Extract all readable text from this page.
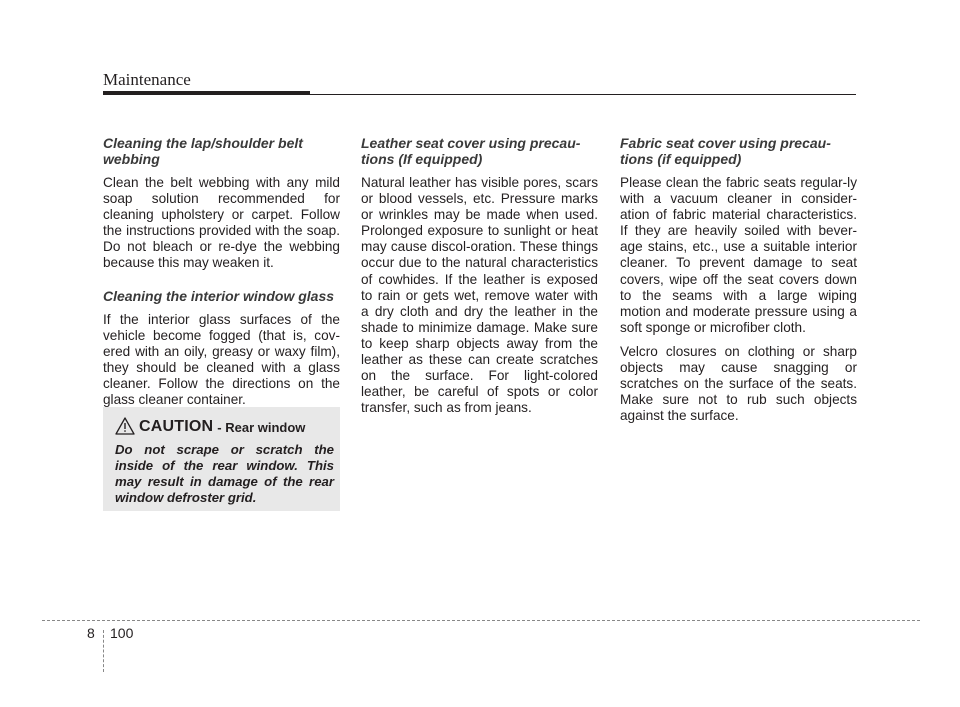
Maintenance

Cleaning the lap/shoulder belt webbing

Clean the belt webbing with any mild soap solution recommended for cleaning upholstery or carpet. Follow the instructions provided with the soap. Do not bleach or re-dye the webbing because this may weaken it.

Cleaning the interior window glass

If the interior glass surfaces of the vehicle become fogged (that is, cov-ered with an oily, greasy or waxy film), they should be cleaned with a glass cleaner. Follow the directions on the glass cleaner container.

CAUTION - Rear window
Do not scrape or scratch the inside of the rear window. This may result in damage of the rear window defroster grid.

Leather seat cover using precau-tions (If equipped)

Natural leather has visible pores, scars or blood vessels, etc. Pressure marks or wrinkles may be made when used. Prolonged exposure to sunlight or heat may cause discol-oration. These things occur due to the natural characteristics of cowhides. If the leather is exposed to rain or gets wet, remove water with a dry cloth and dry the leather in the shade to minimize damage. Make sure to keep sharp objects away from the leather as these can create scratches on the surface. For light-colored leather, be careful of spots or color transfer, such as from jeans.

Fabric seat cover using precau-tions (if equipped)

Please clean the fabric seats regular-ly with a vacuum cleaner in consider-ation of fabric material characteristics. If they are heavily soiled with bever-age stains, etc., use a suitable interior cleaner. To prevent damage to seat covers, wipe off the seat covers down to the seams with a large wiping motion and moderate pressure using a soft sponge or microfiber cloth.

Velcro closures on clothing or sharp objects may cause snagging or scratches on the surface of the seats. Make sure not to rub such objects against the surface.

8 100
